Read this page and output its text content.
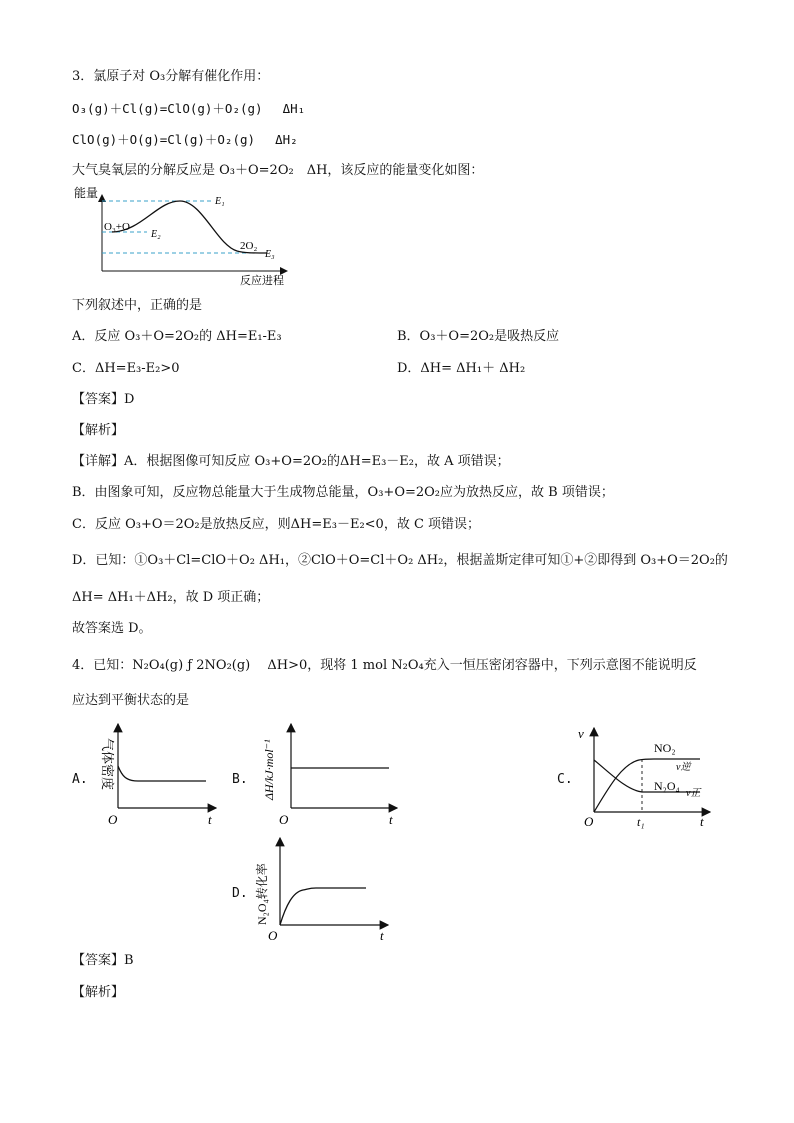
3．氯原子对 O₃分解有催化作用：
O₃(g)＋Cl(g)=ClO(g)＋O₂(g)　 ΔH₁
ClO(g)＋O(g)=Cl(g)＋O₂(g)　 ΔH₂
大气臭氧层的分解反应是 O₃＋O=2O₂　ΔH，该反应的能量变化如图：
能量
O₃+O
2O₂
E₁
E₂
E₃
反应进程
下列叙述中，正确的是
A．反应 O₃＋O=2O₂的 ΔH=E₁-E₃	B．O₃＋O=2O₂是吸热反应
C．ΔH=E₃-E₂>0	D．ΔH= ΔH₁＋ ΔH₂
【答案】D
【解析】
【详解】A．根据图像可知反应 O₃+O=2O₂的ΔH=E₃－E₂，故 A 项错误；
B．由图象可知，反应物总能量大于生成物总能量，O₃+O=2O₂应为放热反应，故 B 项错误；
C．反应 O₃+O＝2O₂是放热反应，则ΔH=E₃－E₂<0，故 C 项错误；
D．已知：①O₃＋Cl=ClO＋O₂ ΔH₁，②ClO＋O=Cl＋O₂ ΔH₂，根据盖斯定律可知①+②即得到 O₃+O＝2O₂的
ΔH= ΔH₁＋ΔH₂，故 D 项正确；
故答案选 D。
4．已知：N₂O₄(g) ƒ 2NO₂(g)　 ΔH>0，现将 1 mol N₂O₄充入一恒压密闭容器中，下列示意图不能说明反
应达到平衡状态的是
A. 气体密度
O	t
B. ΔH/kJ·mol⁻¹
O	t
C.
v
NO₂
v逆
N₂O₄
v正
O	t₁	t
D. N₂O₄转化率
O	t
【答案】B
【解析】
